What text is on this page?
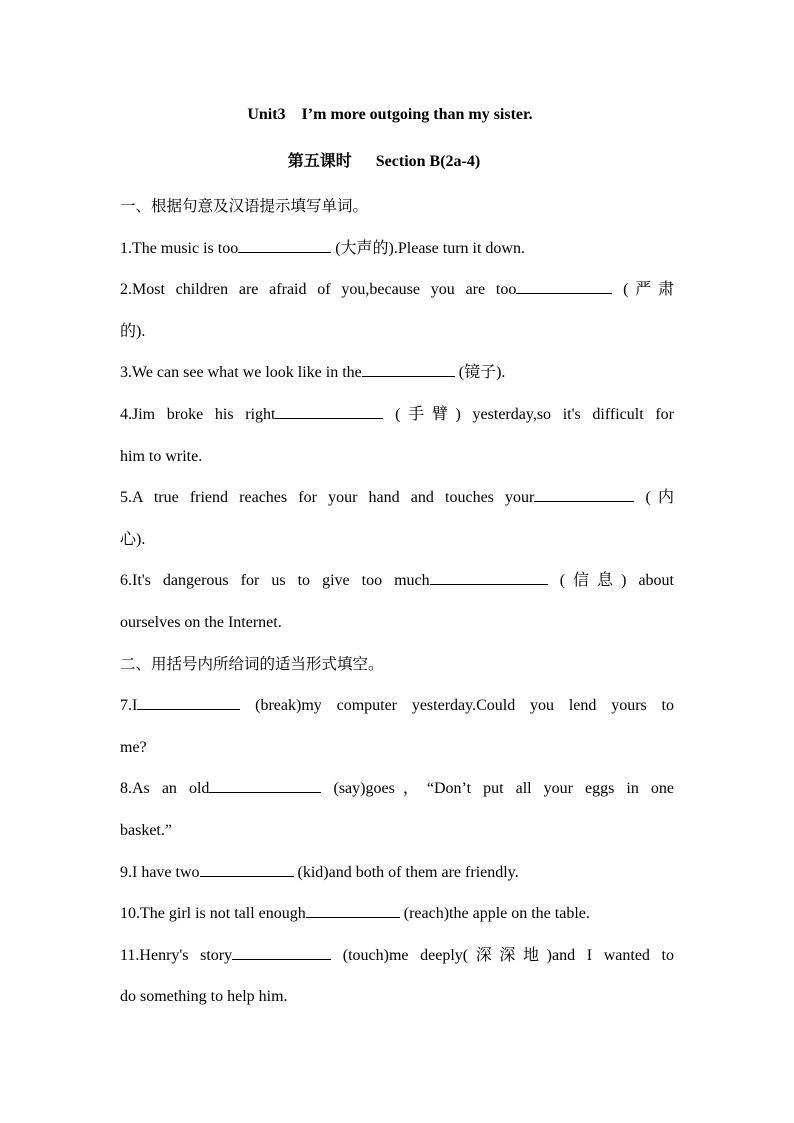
Unit3    I’m more outgoing than my sister.
第五课时      Section B(2a-4)
一、根据句意及汉语提示填写单词。
1.The music is too	(大声的).Please turn it down.
2.Most children are afraid of you,because you are too	(严肃
的).
3.We can see what we look like in the	(镜子).
4.Jim broke his right	(手臂) yesterday,so it's difficult for
him to write.
5.A true friend reaches for your hand and touches your	(内
心).
6.It's dangerous for us to give too much	(信息) about
ourselves on the Internet.
二、用括号内所给词的适当形式填空。
7.I	(break)my computer yesterday.Could you lend yours to
me?
8.As an old	(say)goes，“Don’t put all your eggs in one
basket.”
9.I have two	(kid)and both of them are friendly.
10.The girl is not tall enough	(reach)the apple on the table.
11.Henry's story	(touch)me deeply(深深地)and I wanted to
do something to help him.
